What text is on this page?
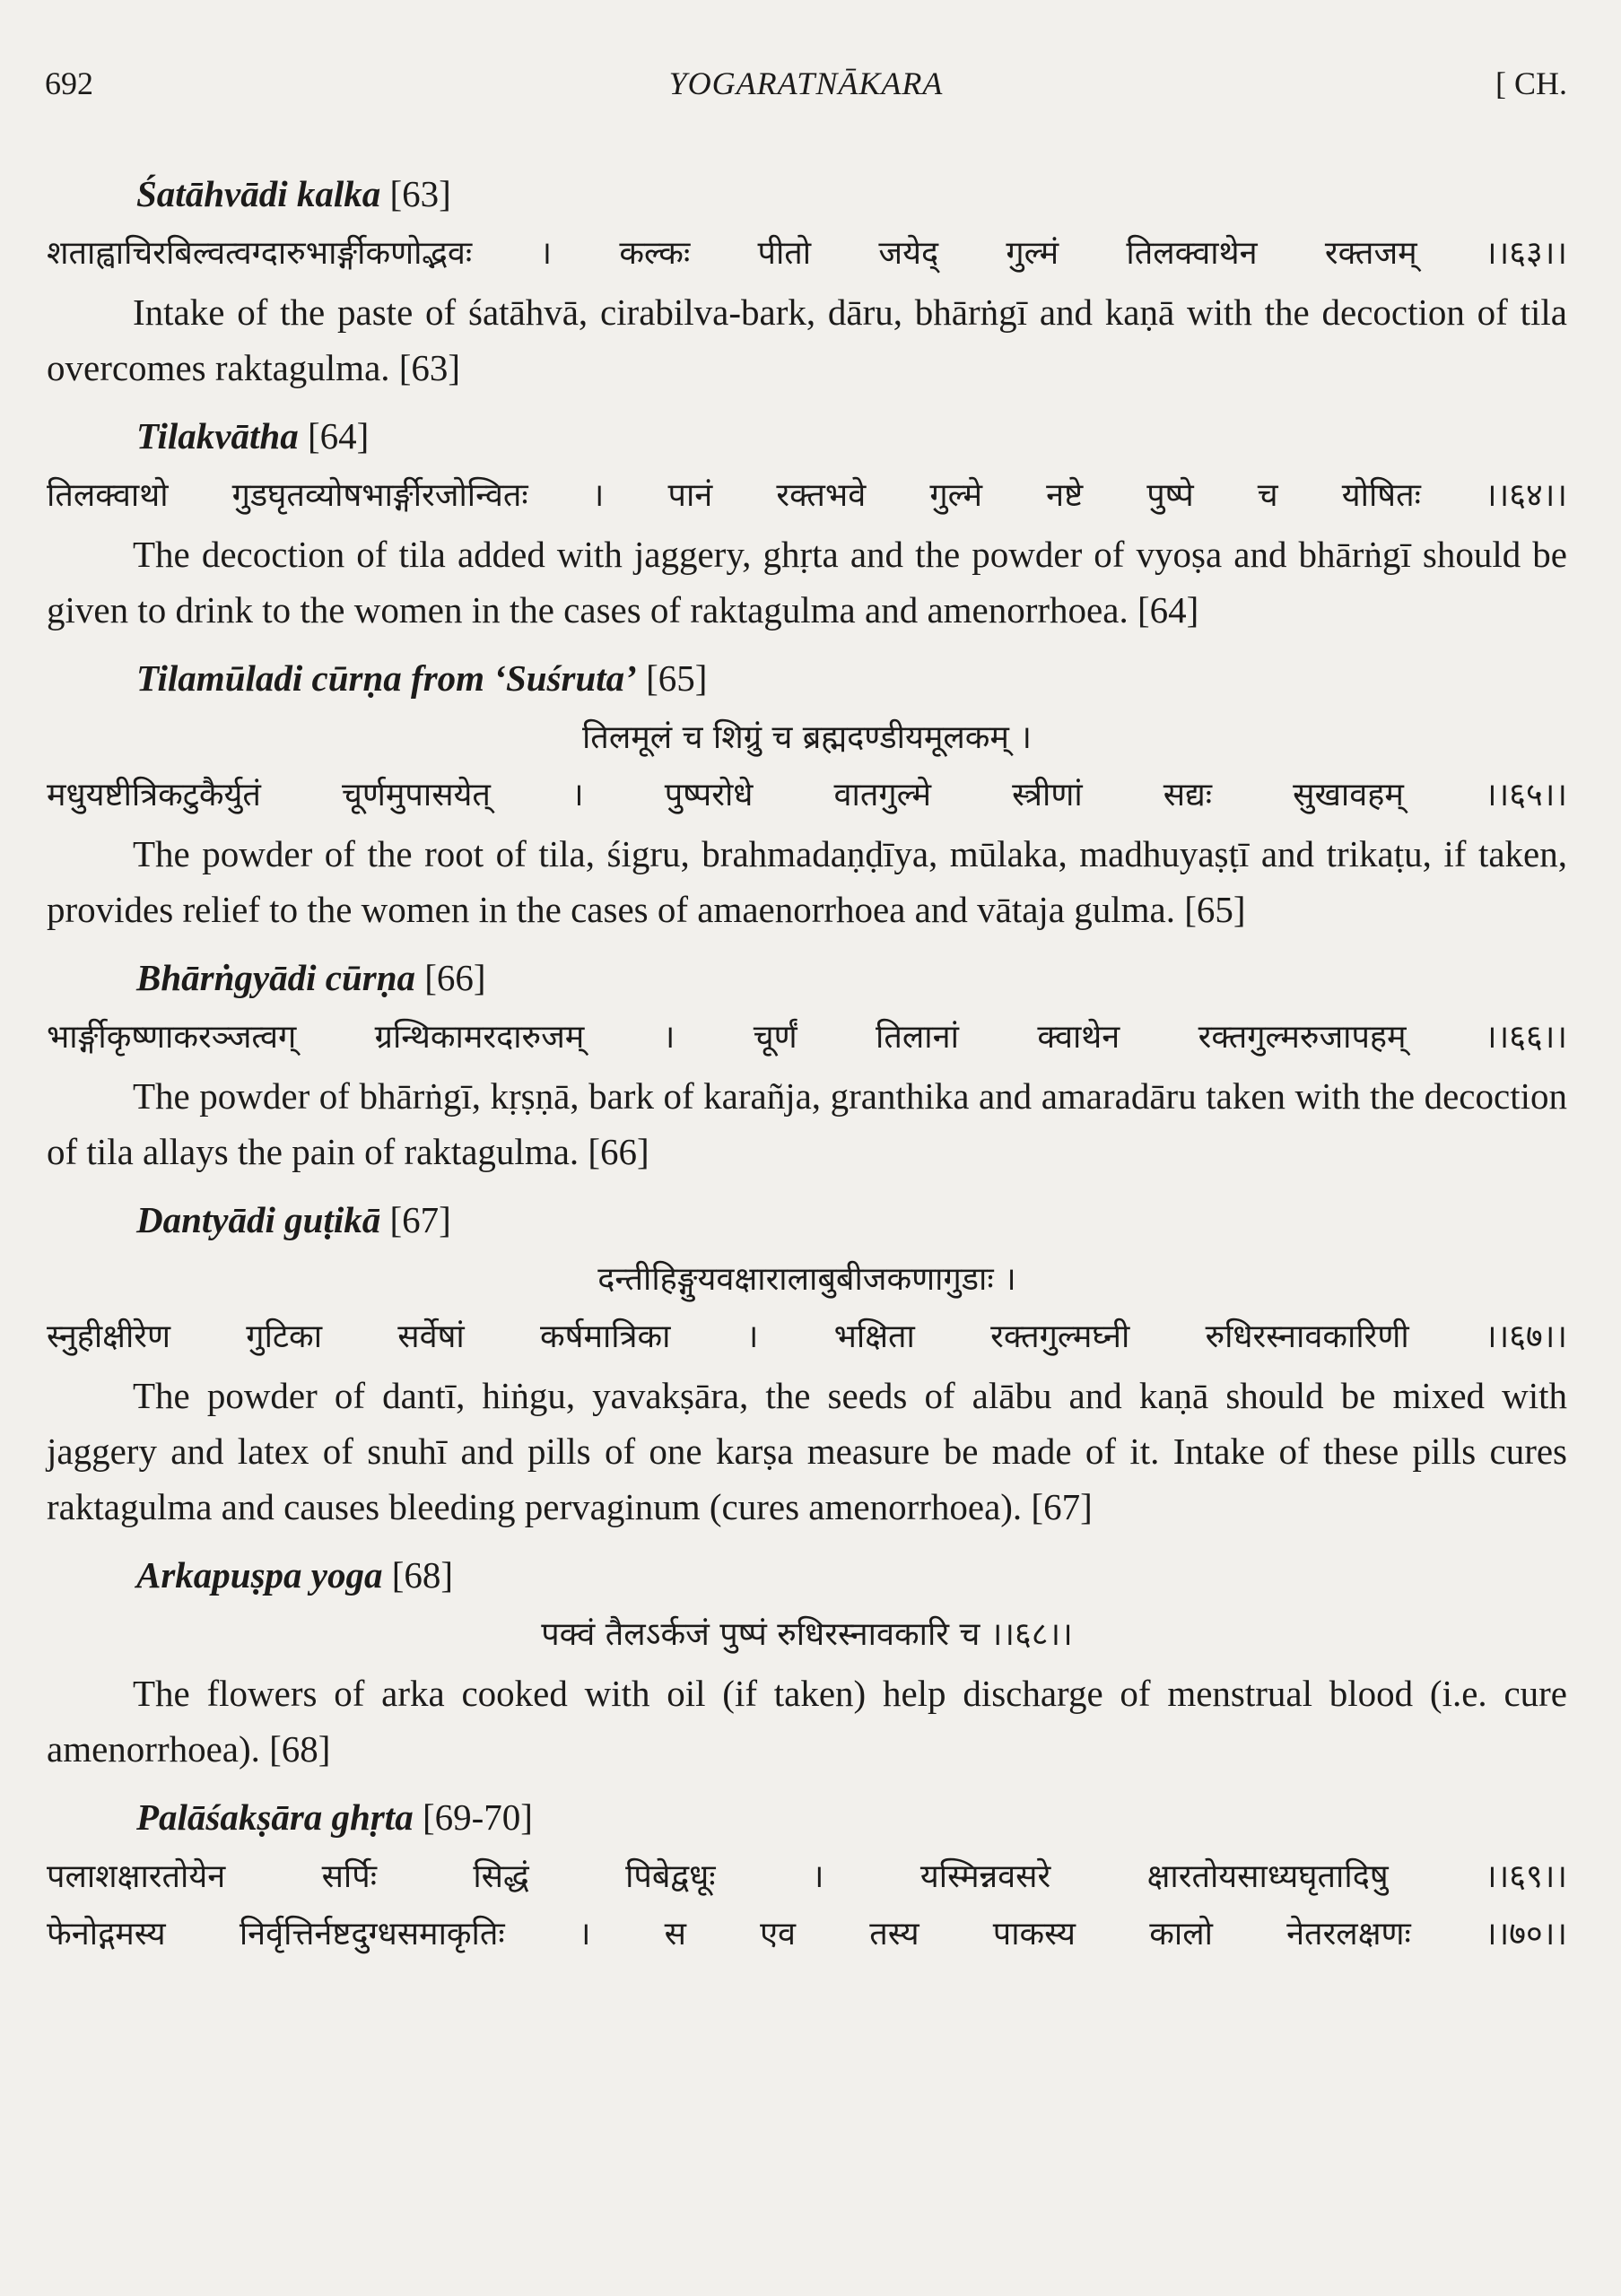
692	YOGARATNĀKARA	[ CH.
Śatāhvādi kalka [63]
शताह्वाचिरबिल्वत्वग्दारुभार्ङ्गीकणोद्भवः । कल्कः पीतो जयेद् गुल्मं तिलक्वाथेन रक्तजम् ।।६३।।

Intake of the paste of śatāhvā, cirabilva-bark, dāru, bhārṅgī and kaṇā with the decoction of tila overcomes raktagulma. [63]

Tilakvātha [64]
तिलक्वाथो गुडघृतव्योषभार्ङ्गीरजोन्वितः । पानं रक्तभवे गुल्मे नष्टे पुष्पे च योषितः ।।६४।।

The decoction of tila added with jaggery, ghṛta and the powder of vyoṣa and bhārṅgī should be given to drink to the women in the cases of raktagulma and amenorrhoea. [64]

Tilamūladi cūrṇa from ‘Suśruta’ [65]
तिलमूलं च शिग्रुं च ब्रह्मदण्डीयमूलकम् ।
मधुयष्टीत्रिकटुकैर्युतं चूर्णमुपासयेत् । पुष्परोधे वातगुल्मे स्त्रीणां सद्यः सुखावहम् ।।६५।।

The powder of the root of tila, śigru, brahmadaṇḍīya, mūlaka, madhuyaṣṭī and trikaṭu, if taken, provides relief to the women in the cases of amaenorrhoea and vātaja gulma. [65]

Bhārṅgyādi cūrṇa [66]
भार्ङ्गीकृष्णाकरञ्जत्वग् ग्रन्थिकामरदारुजम् । चूर्णं तिलानां क्वाथेन रक्तगुल्मरुजापहम् ।।६६।।

The powder of bhārṅgī, kṛṣṇā, bark of karañja, granthika and amaradāru taken with the decoction of tila allays the pain of raktagulma. [66]

Dantyādi guṭikā [67]
दन्तीहिङ्गुयवक्षारालाबुबीजकणागुडाः ।
स्नुहीक्षीरेण गुटिका सर्वेषां कर्षमात्रिका । भक्षिता रक्तगुल्मघ्नी रुधिरस्नावकारिणी ।।६७।।

The powder of dantī, hiṅgu, yavakṣāra, the seeds of alābu and kaṇā should be mixed with jaggery and latex of snuhī and pills of one karṣa measure be made of it. Intake of these pills cures raktagulma and causes bleeding pervaginum (cures amenorrhoea). [67]

Arkapuṣpa yoga [68]
पक्वं तैलऽर्कजं पुष्पं रुधिरस्नावकारि च ।।६८।।

The flowers of arka cooked with oil (if taken) help discharge of menstrual blood (i.e. cure amenorrhoea). [68]

Palāśakṣāra ghṛta [69-70]
पलाशक्षारतोयेन सर्पिः सिद्धं पिबेद्वधूः । यस्मिन्नवसरे क्षारतोयसाध्यघृतादिषु ।।६९।।
फेनोद्गमस्य निर्वृत्तिर्नष्टदुग्धसमाकृतिः । स एव तस्य पाकस्य कालो नेतरलक्षणः ।।७०।।
